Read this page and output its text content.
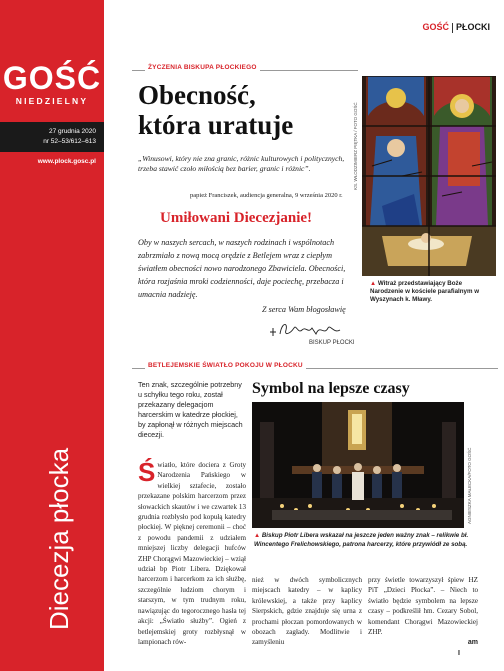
GOŚĆ
NIEDZIELNY
27 grudnia 2020
nr 52–53/612–613
www.plock.gosc.pl
Diecezja płocka
GOŚĆ PŁOCKI
ŻYCZENIA BISKUPA PŁOCKIEGO
Obecność,
która uratuje
„Winusowi, który nie zna granic, różnic kulturowych i politycznych, trzeba stawić czoło miłością bez barier, granic i różnic”.
papież Franciszek, audiencja generalna, 9 września 2020 r.
Umiłowani Diecezjanie!
Oby w naszych sercach, w naszych rodzinach i wspólnotach zabrzmiało z nową mocą orędzie z Betlejem wraz z ciepłym światłem obecności nowo narodzonego Zbawiciela. Obecności, która rozjaśnia mroki codzienności, daje pociechę, przebacza i umacnia nadzieję.
Z serca Wam błogosławię
BISKUP PŁOCKI
KS. WŁODZIMIERZ PIĘTKA / FOTO GOŚĆ
▲ Witraż przedstawiający Boże Narodzenie w kościele parafialnym w Wyszynach k. Mławy.
BETLEJEMSKIE ŚWIATŁO POKOJU W PŁOCKU
Ten znak, szczególnie potrzebny u schyłku tego roku, został przekazany delegacjom harcerskim w katedrze płockiej, by zapłonął w różnych miejscach diecezji.
Symbol na lepsze czasy
AGNIESZKA MAŁECKA/FOTO GOŚĆ
▲ Biskup Piotr Libera wskazał na jeszcze jeden ważny znak – relikwie bł. Wincentego Frelichowskiego, patrona harcerzy, które przywiódł ze sobą.
Światło, które dociera z Groty Narodzenia Pańskiego w wielkiej sztafecie, zostało przekazane polskim harcerzom przez słowackich skautów i we czwartek 13 grudnia rozbłysło pod kopułą katedry płockiej. W pięknej ceremonii – choć z powodu pandemii z udziałem mniejszej liczby delegacji hufców ZHP Chorągwi Mazowieckiej – wziął udział bp Piotr Libera. Dziękował harcerzom i harcerkom za ich służbę, szczególnie ludziom chorym i starszym, w tym trudnym roku, nawiązując do tegorocznego hasła tej akcji: „Światło służby”. Ogień z betlejemskiej groty rozbłysnął w lampionach rów-
nież w dwóch symbolicznych miejscach katedry – w kaplicy królewskiej, a także przy kaplicy Sierpskich, gdzie znajduje się urna z prochami płoczan pomordowanych w obozach zagłady. Modlitwie i zamyśleniu
przy świetle towarzyszył śpiew HZ PiT „Dzieci Płocka”. – Niech to światło będzie symbolem na lepsze czasy – podkreślił hm. Cezary Sobol, komendant Chorągwi Mazowieckiej ZHP.

am
I
